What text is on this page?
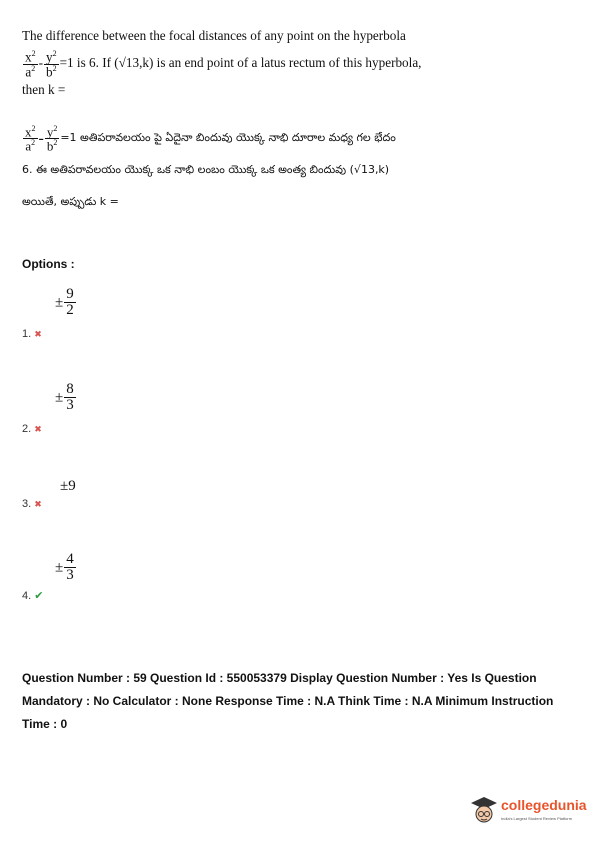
The difference between the focal distances of any point on the hyperbola
$\frac{x^2}{a^2} - \frac{y^2}{b^2} =1$ is 6. If (√13,k) is an end point of a latus rectum of this hyperbola,
then k =
$\frac{x^2}{a^2} - \frac{y^2}{b^2} =1$ అతిపరావలయం పై ఏదైనా బిందువు యొక్క నాభి దూరాల మధ్య గల భేదం
6. ఈ అతిపరావలయం యొక్క ఒక నాభి లంబం యొక్క ఒక అంత్య బిందువు (√13,k)
అయితే, అప్పుడు k =
Options :
± $\frac{9}{2}$
1. ✖
± $\frac{8}{3}$
2. ✖
±9
3. ✖
± $\frac{4}{3}$
4. ✔
Question Number : 59 Question Id : 550053379 Display Question Number : Yes Is Question Mandatory : No Calculator : None Response Time : N.A Think Time : N.A Minimum Instruction Time : 0
collegedunia
India's Largest Student Review Platform
